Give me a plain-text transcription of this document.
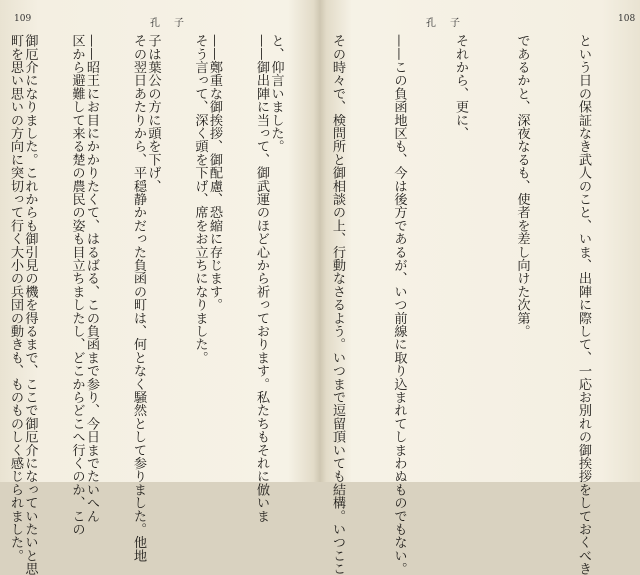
109	孔子

——御出陣に当って、御武運のほど心から祈っております。私たちもそれに倣いま

そう言って、深く頭を下げ、席をお立ちになりました。

その翌日あたりから、平穏静かだった負函の町は、何となく騒然として参りました。他地

区から避難して来る楚の農民の姿も目立ちましたし、どこからどこへ行くのか、この

町を思い思いの方向に突切って行く大小の兵団の動きも、ものものしく感じられました。

108
孔子

という日の保証なき武人のこと、いま、出陣に際して、一応お別れの御挨拶をしておくべき

であるかと、深夜なるも、使者を差し向けた次第。

それから、更に、

——この負函地区も、今は後方であるが、いつ前線に取り込まれてしまわぬものでもない。

その時々で、検問所と御相談の上、行動なさるよう。いつまで逗留頂いても結構。いつここ

と、仰言いました。

——鄭重な御挨拶、御配慮、恐縮に存じます。

子は葉公の方に頭を下げ、

——昭王にお目にかかりたくて、はるばる、この負函まで参り、今日までたいへん

御厄介になりました。これからも御引見の機を得るまで、ここで御厄介になっていたいと思
